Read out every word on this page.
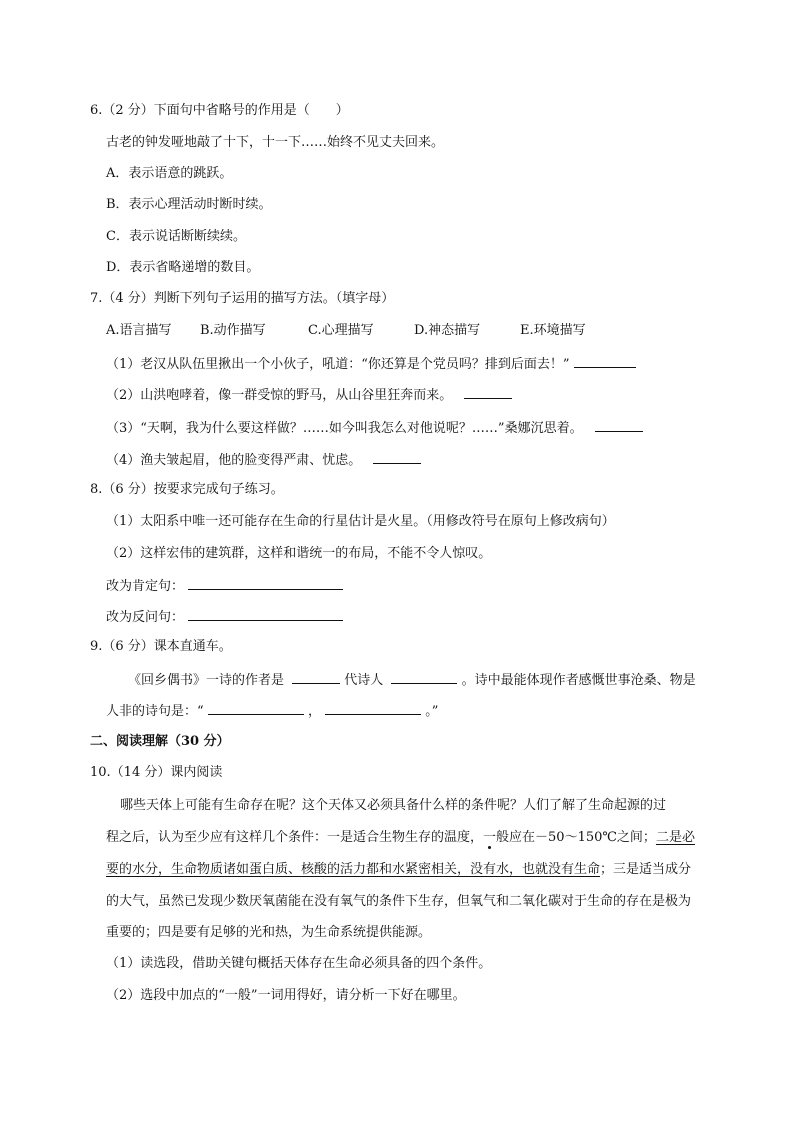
6.（2 分）下面句中省略号的作用是（　　）
古老的钟发哑地敲了十下，十一下……始终不见丈夫回来。
A．表示语意的跳跃。
B．表示心理活动时断时续。
C．表示说话断断续续。
D．表示省略递增的数目。
7.（4 分）判断下列句子运用的描写方法。（填字母）
A.语言描写 B.动作描写	C.心理描写	D.神态描写	E.环境描写
（1）老汉从队伍里揪出一个小伙子，吼道：“你还算是个党员吗？排到后面去！”
（2）山洪咆哮着，像一群受惊的野马，从山谷里狂奔而来。
（3）“天啊，我为什么要这样做？……如今叫我怎么对他说呢？……”桑娜沉思着。
（4）渔夫皱起眉，他的脸变得严肃、忧虑。
8.（6 分）按要求完成句子练习。
（1）太阳系中唯一还可能存在生命的行星估计是火星。（用修改符号在原句上修改病句）
（2）这样宏伟的建筑群，这样和谐统一的布局，不能不令人惊叹。
改为肯定句：
改为反问句：
9.（6 分）课本直通车。
《回乡偶书》一诗的作者是	代诗人	。诗中最能体现作者感慨世事沧桑、物是
人非的诗句是：“	，	。”
二、阅读理解（30 分）
10.（14 分）课内阅读
哪些天体上可能有生命存在呢？这个天体又必须具备什么样的条件呢？人们了解了生命起源的过
程之后，认为至少应有这样几个条件：一是适合生物生存的温度，一般应在－50～150℃之间；二是必
要的水分，生命物质诸如蛋白质、核酸的活力都和水紧密相关，没有水，也就没有生命；三是适当成分
的大气，虽然已发现少数厌氧菌能在没有氧气的条件下生存，但氧气和二氧化碳对于生命的存在是极为
重要的；四是要有足够的光和热，为生命系统提供能源。
（1）读选段，借助关键句概括天体存在生命必须具备的四个条件。
（2）选段中加点的“一般”一词用得好，请分析一下好在哪里。
